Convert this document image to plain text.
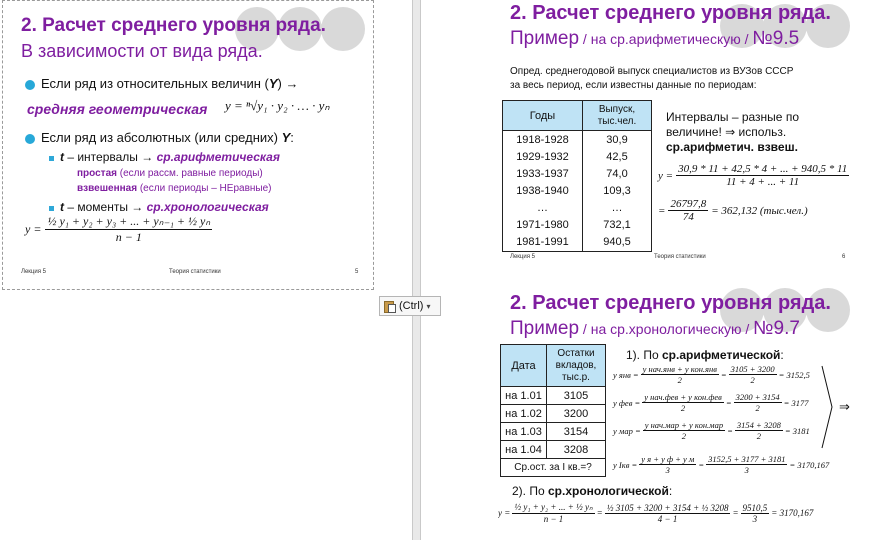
2. Расчет среднего уровня ряда.
В зависимости от вида ряда.
Если ряд из относительных величин (Y) →
средняя геометрическая y = ⁿ√y₁ · y₂ · … · yₙ
Если ряд из абсолютных (или средних) Y:
t – интервалы → ср.арифметическая
простая (если рассм. равные периоды)
взвешенная (если периоды – НЕравные)
t – моменты → ср.хронологическая
$y = \frac{\text{½ y₁ + y₂ + y₃ + ... + yₙ₋₁ + ½ yₙ}}{n - 1}$
Лекция 5	Теория статистики	5
2. Расчет среднего уровня ряда.
Пример / на ср.арифметическую / №9.5
Опред. среднегодовой выпуск специалистов из ВУЗов СССР
за весь период, если известны данные по периодам:
Годы	Выпуск,
тыс.чел.
1918-1928	30,9
1929-1932	42,5
1933-1937	74,0
1938-1940	109,3
…	…
1971-1980	732,1
1981-1991	940,5
Интервалы – разные по
величине! ⇒ использ.
ср.арифметич. взвеш.
$y = \frac{30,9 * 11 + 42,5 * 4 + ... + 940,5 * 11}{11 + 4 + ... + 11}$
= $\frac{26797,8}{74} = 362,132$ (тыс.чел.)
Лекция 5	Теория статистики	6
2. Расчет среднего уровня ряда.
Пример / на ср.хронологическую / №9.7
Дата	Остатки
вкладов,
тыс.р.
на 1.01	3105
на 1.02	3200
на 1.03	3154
на 1.04	3208
Ср.ост. за I кв.=?	
1). По ср.арифметической:
y янв = $\frac{\text{y нач.янв + y кон.янв}}{2} = \frac{3105 + 3200}{2} = 3152,5$
y фев = $\frac{\text{y нач.фев + y кон.фев}}{2} = \frac{3200 + 3154}{2} = 3177$
y мар = $\frac{\text{y нач.мар + y кон.мар}}{2} = \frac{3154 + 3208}{2} = 3181$
⇒
y Iкв = $\frac{\text{y я + y ф + y м}}{3} = \frac{3152,5 + 3177 + 3181}{3} = 3170,167$
2). По ср.хронологической:
$y = \frac{\text{½ y₁ + y₂ + ... + ½ yₙ}}{n - 1} = \frac{\text{½ 3105 + 3200 + 3154 + ½ 3208}}{4 - 1} = \frac{9510,5}{3} = 3170,167$
(Ctrl) ▾
